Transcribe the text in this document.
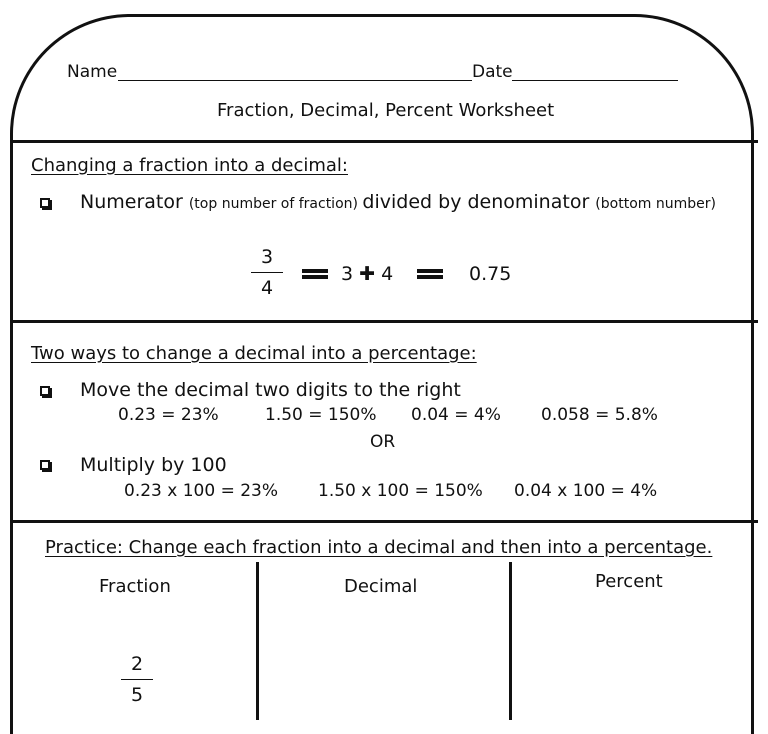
Name	Date
Fraction, Decimal, Percent Worksheet
Changing a fraction into a decimal:
Numerator (top number of fraction) divided by denominator (bottom number)
3
4
3 ✚ 4	0.75
Two ways to change a decimal into a percentage:
Move the decimal two digits to the right
0.23 = 23%	1.50 = 150% 0.04 = 4% 0.058 = 5.8%
OR
Multiply by 100
0.23 x 100 = 23% 1.50 x 100 = 150% 0.04 x 100 = 4%
Practice: Change each fraction into a decimal and then into a percentage.
Fraction	Decimal	Percent
2
5
